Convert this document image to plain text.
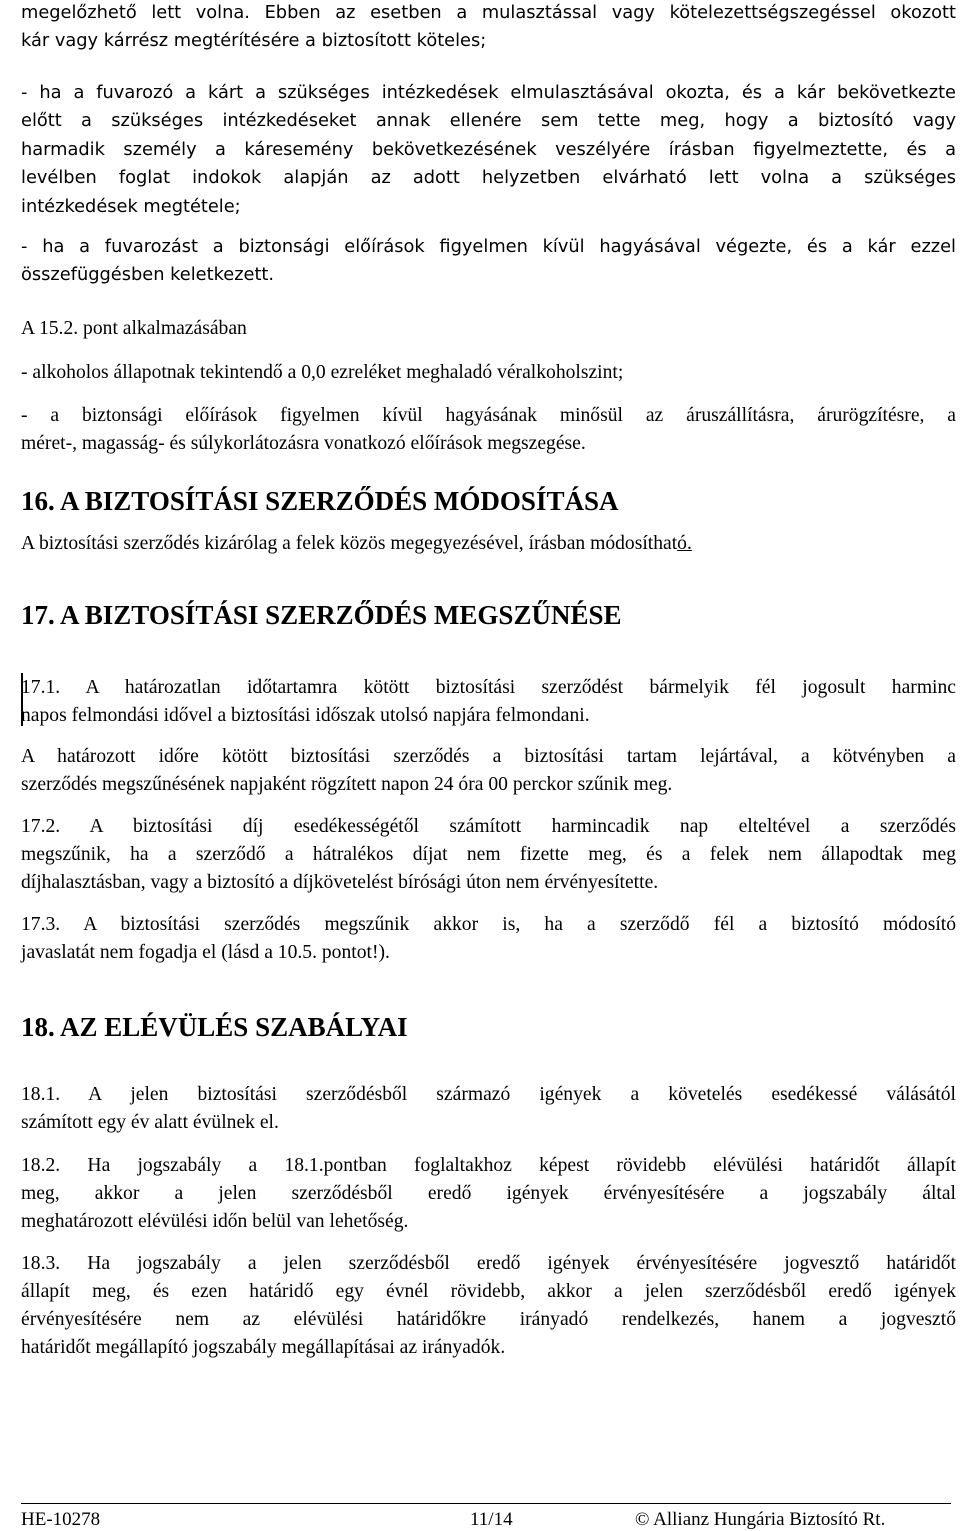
megelőzhető lett volna. Ebben az esetben a mulasztással vagy kötelezettségszegéssel okozott
kár vagy kárrész megtérítésére a biztosított köteles;
- ha a fuvarozó a kárt a szükséges intézkedések elmulasztásával okozta, és a kár bekövetkezte
előtt a szükséges intézkedéseket annak ellenére sem tette meg, hogy a biztosító vagy
harmadik személy a káresemény bekövetkezésének veszélyére írásban figyelmeztette, és a
levélben foglat indokok alapján az adott helyzetben elvárható lett volna a szükséges
intézkedések megtétele;
- ha a fuvarozást a biztonsági előírások figyelmen kívül hagyásával végezte, és a kár ezzel
összefüggésben keletkezett.
A 15.2. pont alkalmazásában
- alkoholos állapotnak tekintendő a 0,0 ezreléket meghaladó véralkoholszint;
- a biztonsági előírások figyelmen kívül hagyásának minősül az áruszállításra, árurögzítésre, a
méret-, magasság- és súlykorlátozásra vonatkozó előírások megszegése.
16. A BIZTOSÍTÁSI SZERZŐDÉS MÓDOSÍTÁSA
A biztosítási szerződés kizárólag a felek közös megegyezésével, írásban módosítható.
17. A BIZTOSÍTÁSI SZERZŐDÉS MEGSZŰNÉSE
17.1. A határozatlan időtartamra kötött biztosítási szerződést bármelyik fél jogosult harminc
napos felmondási idővel a biztosítási időszak utolsó napjára felmondani.
A határozott időre kötött biztosítási szerződés a biztosítási tartam lejártával, a kötvényben a
szerződés megszűnésének napjaként rögzített napon 24 óra 00 perckor szűnik meg.
17.2. A biztosítási díj esedékességétől számított harmincadik nap elteltével a szerződés
megszűnik, ha a szerződő a hátralékos díjat nem fizette meg, és a felek nem állapodtak meg
díjhalasztásban, vagy a biztosító a díjkövetelést bírósági úton nem érvényesítette.
17.3. A biztosítási szerződés megszűnik akkor is, ha a szerződő fél a biztosító módosító
javaslatát nem fogadja el (lásd a 10.5. pontot!).
18. AZ ELÉVÜLÉS SZABÁLYAI
18.1. A jelen biztosítási szerződésből származó igények a követelés esedékessé válásától
számított egy év alatt évülnek el.
18.2. Ha jogszabály a 18.1.pontban foglaltakhoz képest rövidebb elévülési határidőt állapít
meg, akkor a jelen szerződésből eredő igények érvényesítésére a jogszabály által
meghatározott elévülési időn belül van lehetőség.
18.3. Ha jogszabály a jelen szerződésből eredő igények érvényesítésére jogvesztő határidőt
állapít meg, és ezen határidő egy évnél rövidebb, akkor a jelen szerződésből eredő igények
érvényesítésére nem az elévülési határidőkre irányadó rendelkezés, hanem a jogvesztő
határidőt megállapító jogszabály megállapításai az irányadók.
HE-10278	11/14	© Allianz Hungária Biztosító Rt.
